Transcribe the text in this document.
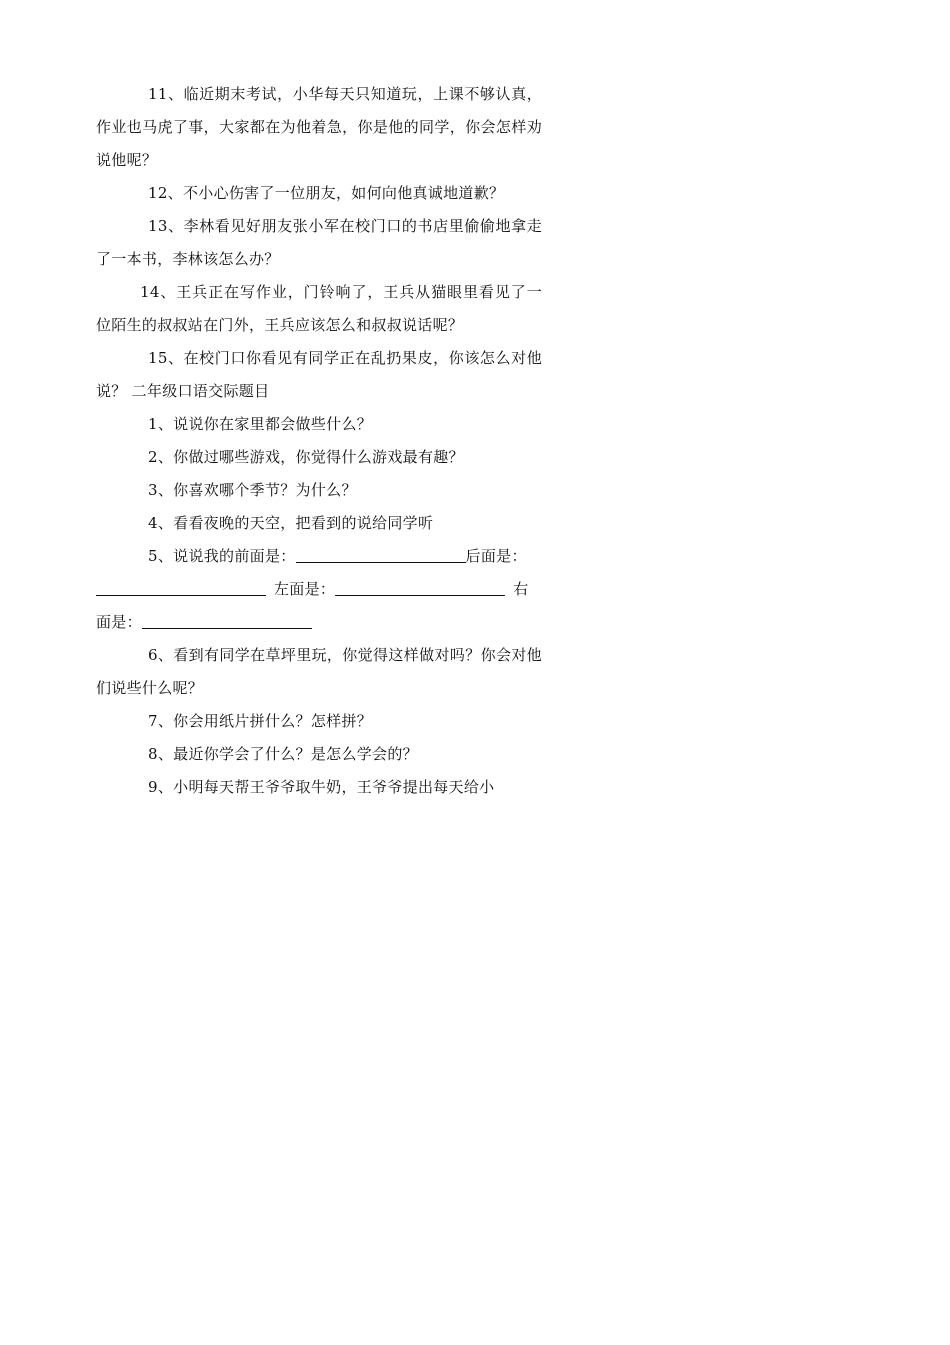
11、临近期末考试，小华每天只知道玩，上课不够认真，作业也马虎了事，大家都在为他着急，你是他的同学，你会怎样劝说他呢？

12、不小心伤害了一位朋友，如何向他真诚地道歉？

13、李林看见好朋友张小军在校门口的书店里偷偷地拿走了一本书，李林该怎么办？

14、王兵正在写作业，门铃响了，王兵从猫眼里看见了一位陌生的叔叔站在门外，王兵应该怎么和叔叔说话呢？

15、在校门口你看见有同学正在乱扔果皮，你该怎么对他说？ 二年级口语交际题目

1、说说你在家里都会做些什么？

2、你做过哪些游戏，你觉得什么游戏最有趣？

3、你喜欢哪个季节？为什么？

4、看看夜晚的天空，把看到的说给同学听

5、说说我的前面是：	后面是：
左面是：	右
面是：

6、看到有同学在草坪里玩，你觉得这样做对吗？你会对他们说些什么呢？

7、你会用纸片拼什么？怎样拼？

8、最近你学会了什么？是怎么学会的？

9、小明每天帮王爷爷取牛奶，王爷爷提出每天给小
